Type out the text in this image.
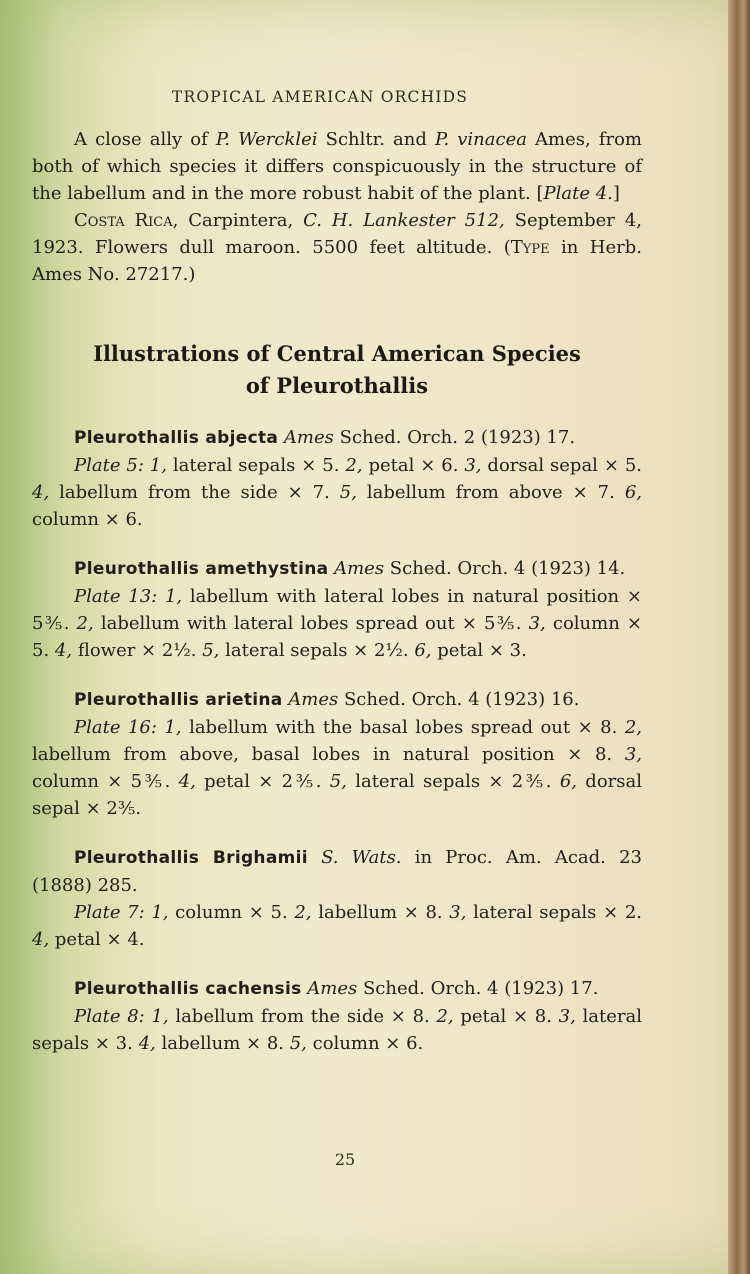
TROPICAL AMERICAN ORCHIDS

A close ally of P. Wercklei Schltr. and P. vinacea Ames, from both of which species it differs conspicuously in the structure of the labellum and in the more robust habit of the plant. [Plate 4.]

Costa Rica, Carpintera, C. H. Lankester 512, September 4, 1923. Flowers dull maroon. 5500 feet altitude. (Type in Herb. Ames No. 27217.)

Illustrations of Central American Species
of Pleurothallis

Pleurothallis abjecta Ames Sched. Orch. 2 (1923) 17.

Plate 5: 1, lateral sepals × 5. 2, petal × 6. 3, dorsal sepal × 5. 4, labellum from the side × 7. 5, labellum from above × 7. 6, column × 6.

Pleurothallis amethystina Ames Sched. Orch. 4 (1923) 14.

Plate 13: 1, labellum with lateral lobes in natural position × 5⅗. 2, labellum with lateral lobes spread out × 5⅗. 3, column × 5. 4, flower × 2½. 5, lateral sepals × 2½. 6, petal × 3.

Pleurothallis arietina Ames Sched. Orch. 4 (1923) 16.

Plate 16: 1, labellum with the basal lobes spread out × 8. 2, labellum from above, basal lobes in natural position × 8. 3, column × 5⅗. 4, petal × 2⅗. 5, lateral sepals × 2⅗. 6, dorsal sepal × 2⅗.

Pleurothallis Brighamii S. Wats. in Proc. Am. Acad. 23 (1888) 285.

Plate 7: 1, column × 5. 2, labellum × 8. 3, lateral sepals × 2. 4, petal × 4.

Pleurothallis cachensis Ames Sched. Orch. 4 (1923) 17.

Plate 8: 1, labellum from the side × 8. 2, petal × 8. 3, lateral sepals × 3. 4, labellum × 8. 5, column × 6.

25
